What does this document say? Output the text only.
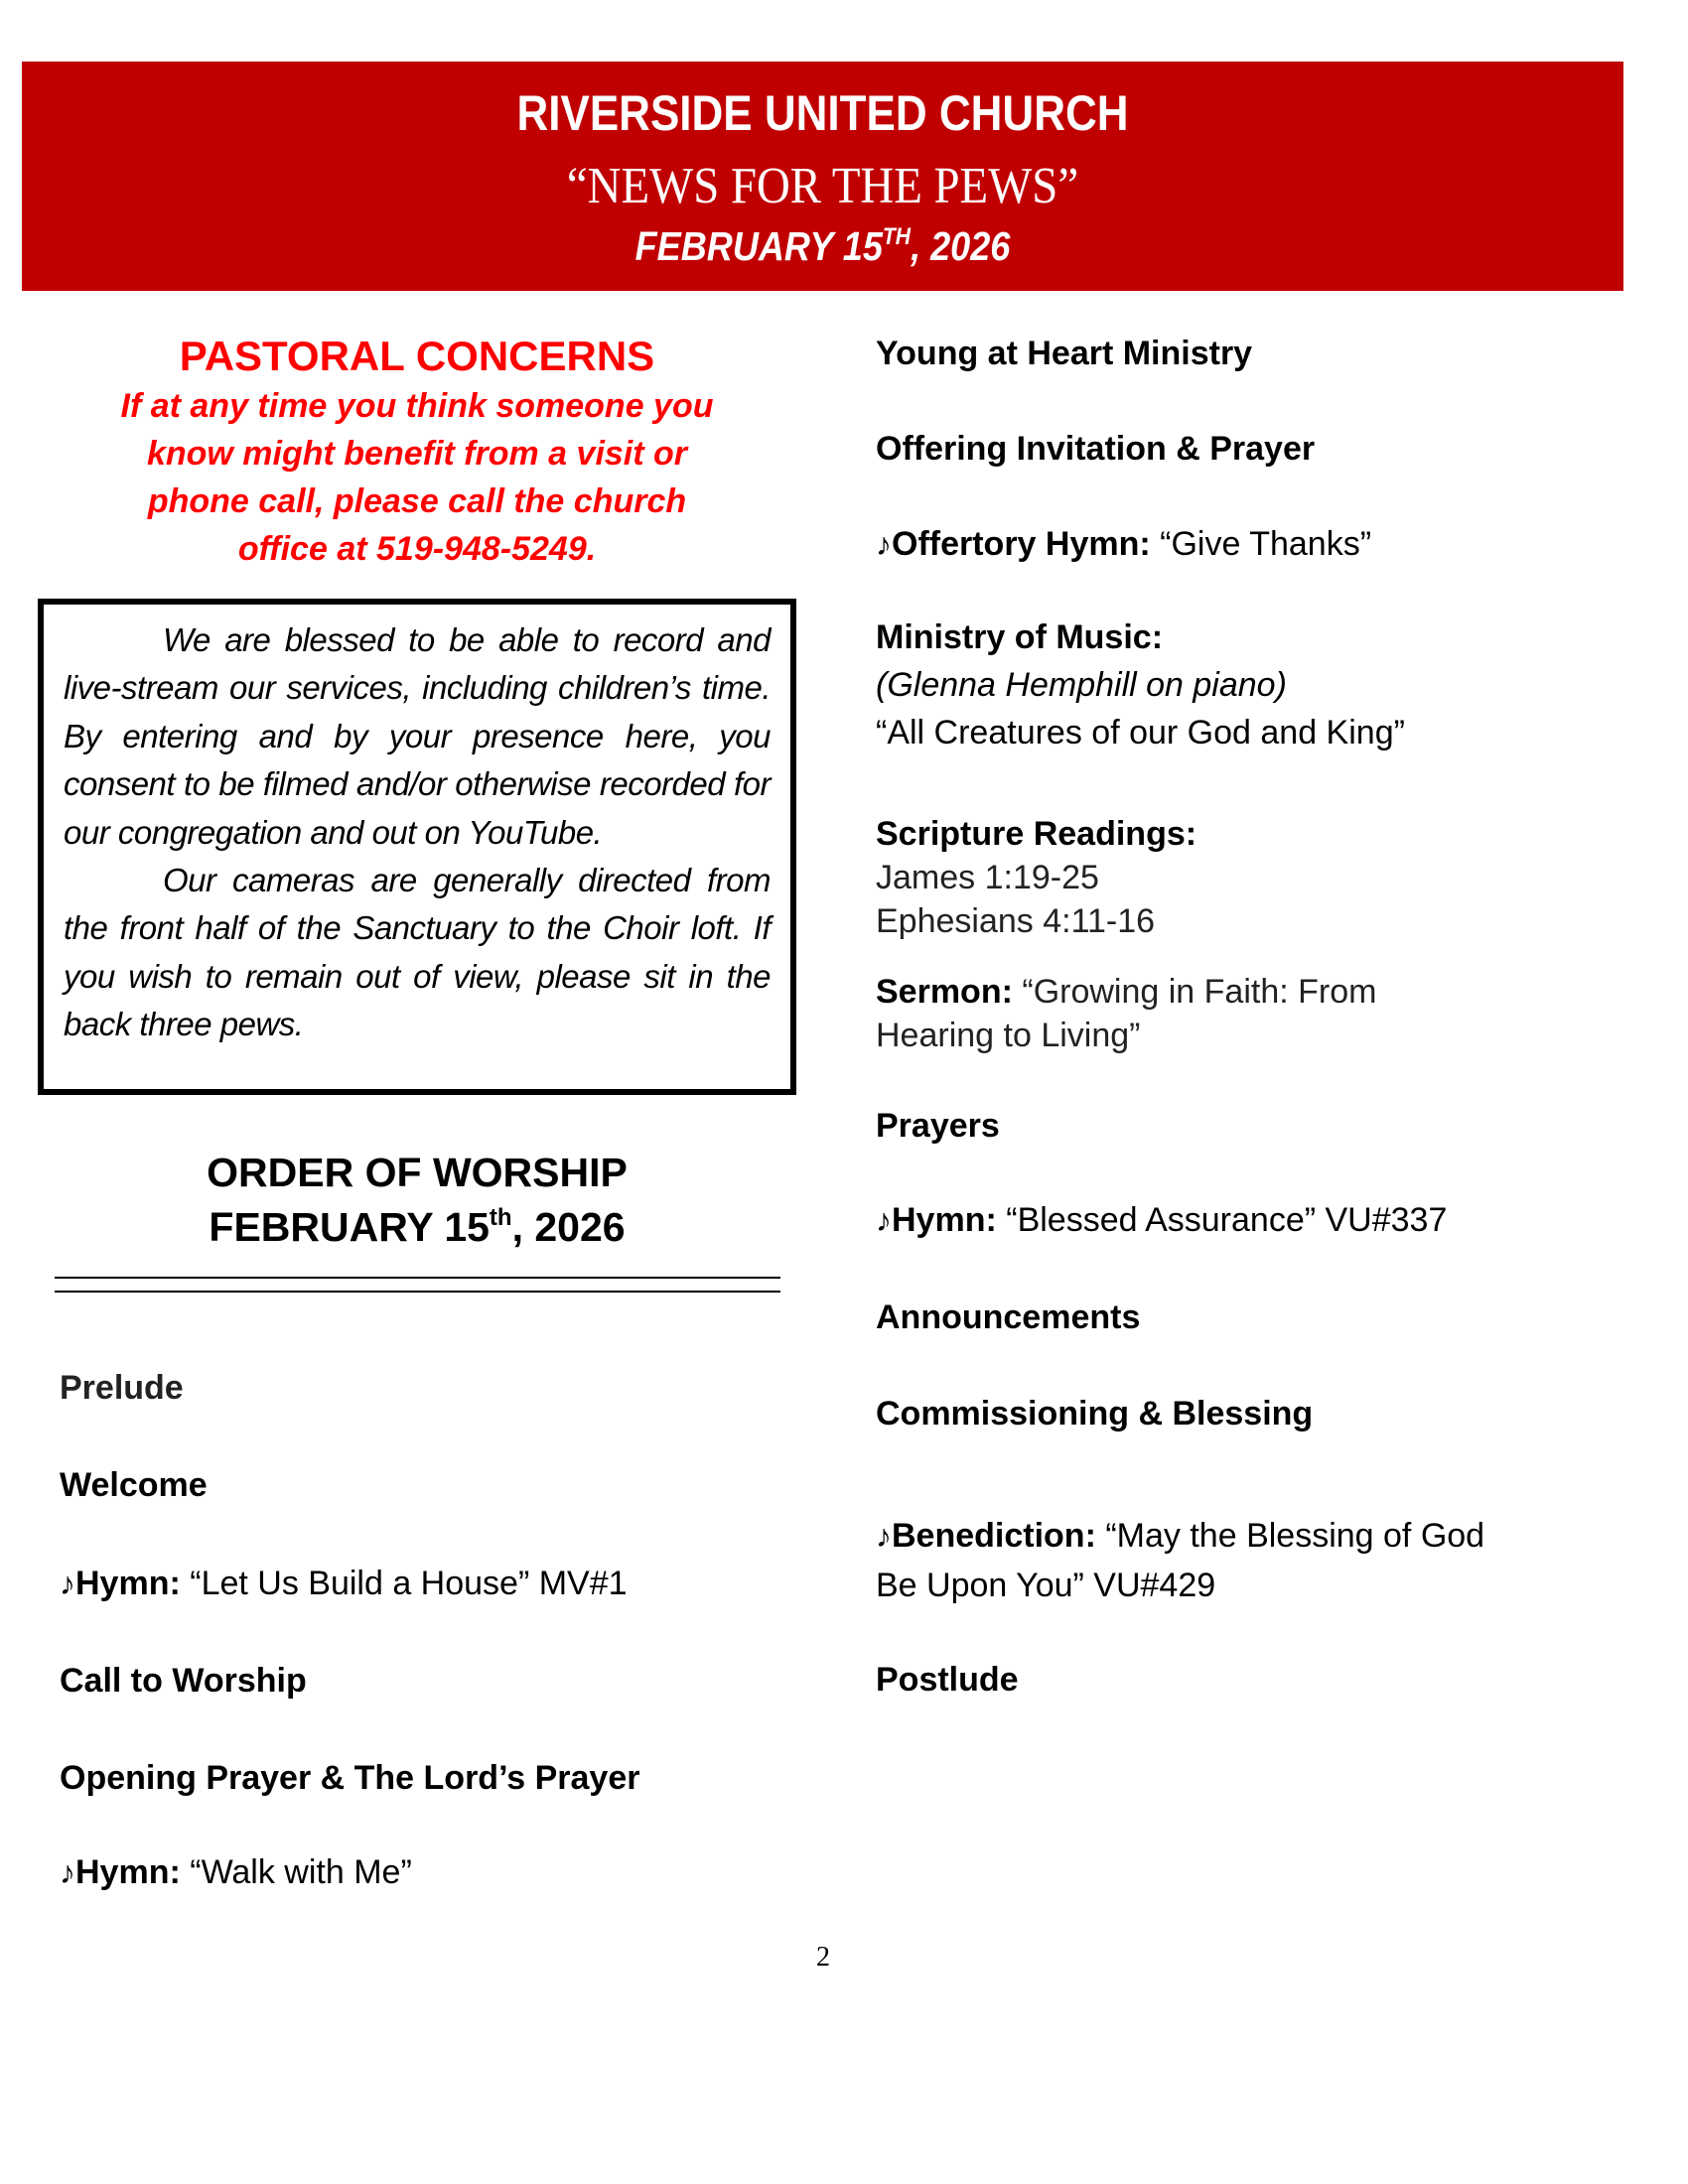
RIVERSIDE UNITED CHURCH
“NEWS FOR THE PEWS”
FEBRUARY 15TH, 2026
PASTORAL CONCERNS
If at any time you think someone you
know might benefit from a visit or
phone call, please call the church
office at 519-948-5249.

We are blessed to be able to record and live-stream our services, including children’s time. By entering and by your presence here, you consent to be filmed and/or otherwise recorded for our congregation and out on YouTube.

Our cameras are generally directed from the front half of the Sanctuary to the Choir loft. If you wish to remain out of view, please sit in the back three pews.

ORDER OF WORSHIP
FEBRUARY 15th, 2026
Prelude
Welcome
♪Hymn: “Let Us Build a House” MV#1
Call to Worship
Opening Prayer & The Lord’s Prayer
♪Hymn: “Walk with Me”
Young at Heart Ministry
Offering Invitation & Prayer
♪Offertory Hymn: “Give Thanks”
Ministry of Music:
(Glenna Hemphill on piano)
“All Creatures of our God and King”
Scripture Readings:
James 1:19-25
Ephesians 4:11-16
Sermon: “Growing in Faith: From
Hearing to Living”
Prayers
♪Hymn: “Blessed Assurance” VU#337
Announcements
Commissioning & Blessing
♪Benediction: “May the Blessing of God
Be Upon You” VU#429
Postlude
2
